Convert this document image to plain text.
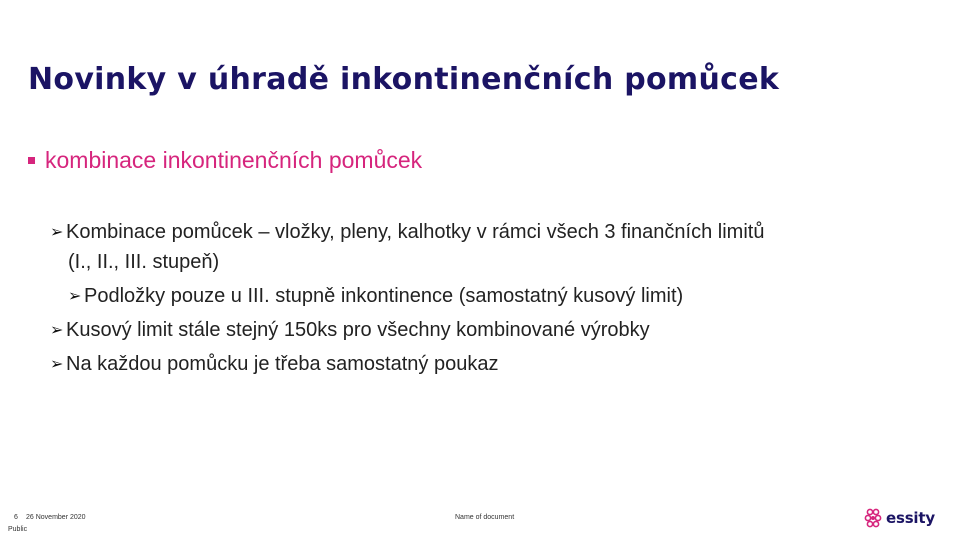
Novinky v úhradě inkontinenčních pomůcek
kombinace inkontinenčních pomůcek
➢ Kombinace pomůcek – vložky, pleny, kalhotky v rámci všech 3 finančních limitů
(I., II., III. stupeň)
➢ Podložky pouze u III. stupně inkontinence (samostatný kusový limit)
➢ Kusový limit stále stejný 150ks pro všechny kombinované výrobky
➢ Na každou pomůcku je třeba samostatný poukaz
6 26 November 2020
Public
Name of document	essity
